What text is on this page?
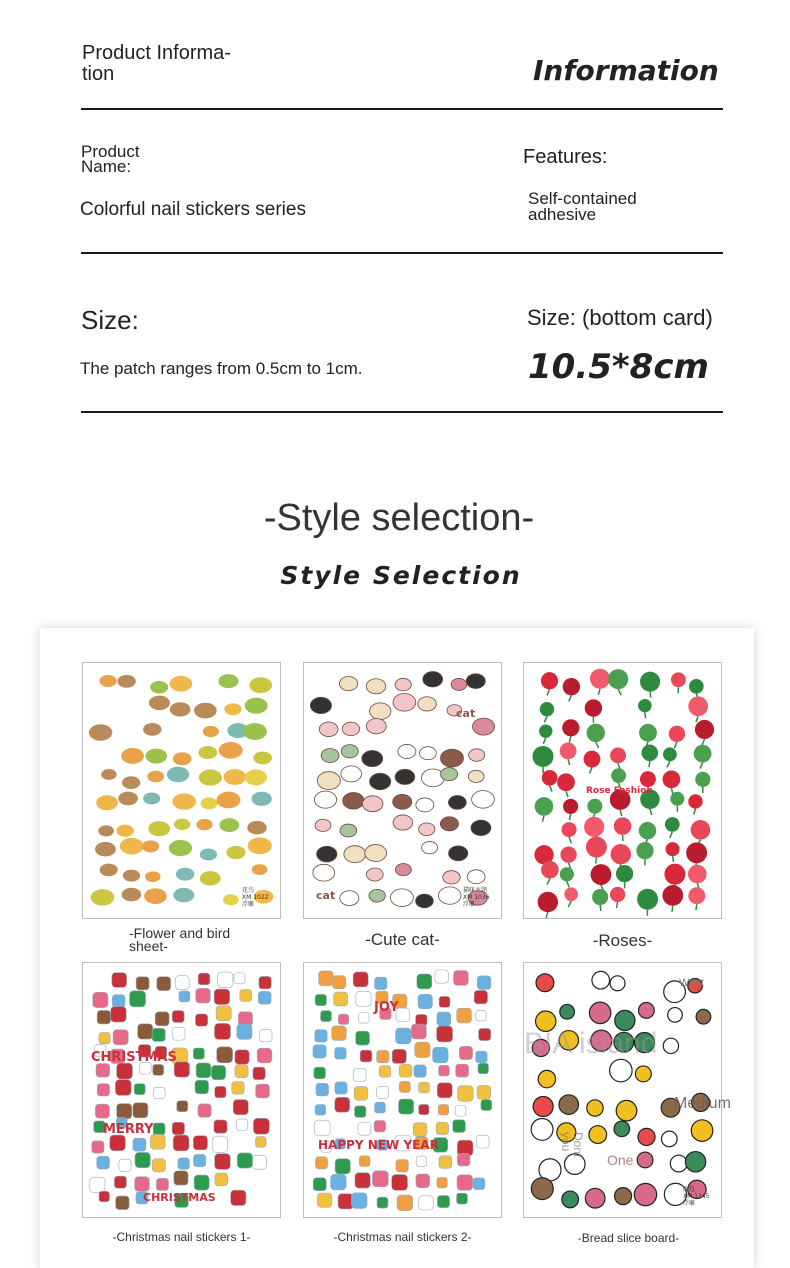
Product Informa-
tion	Information
Product
Name:
Colorful nail stickers series
Features:
Self-contained
adhesive
Size:
The patch ranges from 0.5cm to 1cm.
Size: (bottom card)
10.5*8cm
-Style selection-
Style Selection
花鸟
XM 1022
浮雕
cat
cat	猫咪主题
XM 1036
浮雕
Rose Fashion
-Flower and bird
sheet-	-Cute cat-	-Roses-
CHRISTMAS
MERRY
CHRISTMAS
JOY
HAPPY NEW YEAR
面包
XM 1245
浮雕
-Christmas nail stickers 1-	-Christmas nail stickers 2-	-Bread slice board-
West
BIA island
Medium
Dont
you
One
